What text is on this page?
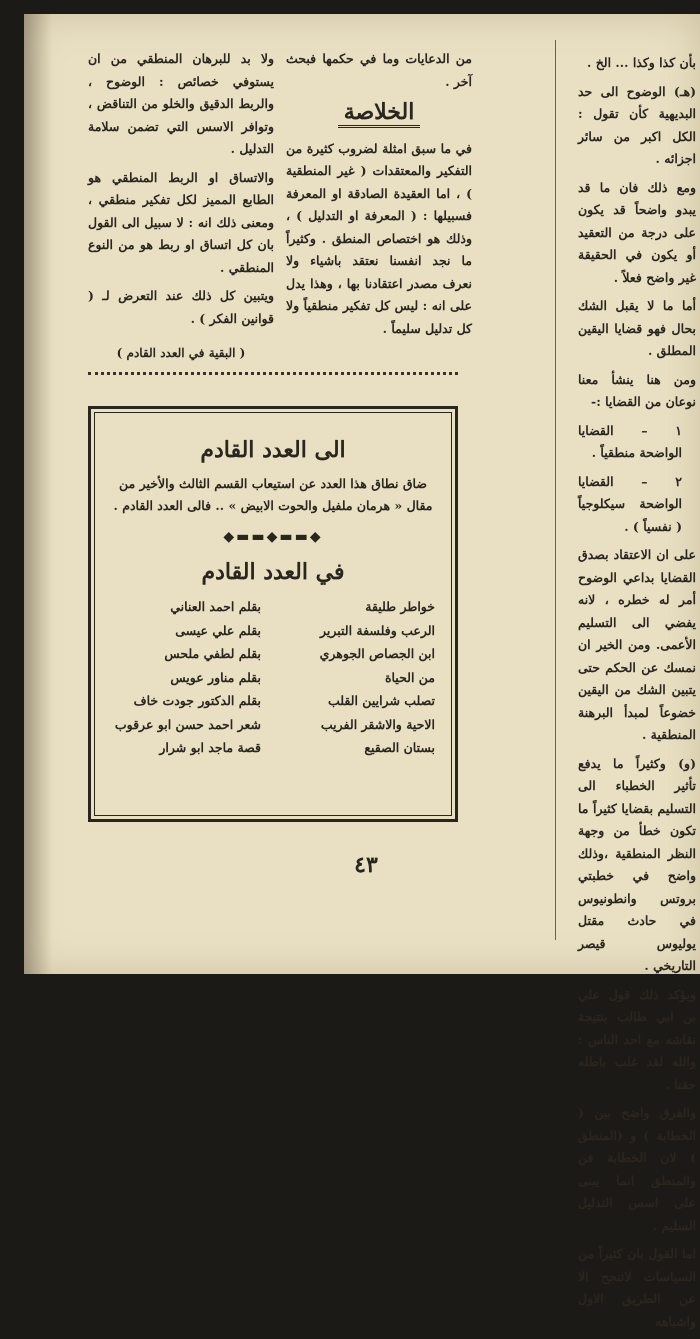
بأن كذا وكذا ... الخ .

(هـ) الوضوح الى حد البديهية كأن تقول : الكل اكبر من سائر اجزائه .

ومع ذلك فان ما قد يبدو واضحاً قد يكون على درجة من التعقيد أو يكون في الحقيقة غير واضح فعلاً .

أما ما لا يقبل الشك بحال فهو قضايا اليقين المطلق .

ومن هنا ينشأ معنا نوعان من القضايا :-

١ – القضايا الواضحة منطقياً .

٢ – القضايا الواضحة سيكلوجياً ( نفسياً ) .

على ان الاعتقاد بصدق القضايا بداعي الوضوح أمر له خطره ، لانه يفضي الى التسليم الأعمى. ومن الخير ان نمسك عن الحكم حتى يتبين الشك من اليقين خضوعاً لمبدأ البرهنة المنطقية .

(و) وكثيراً ما يدفع تأثير الخطباء الى التسليم بقضايا كثيراً ما تكون خطأ من وجهة النظر المنطقية ،وذلك واضح في خطبتي بروتس وانطونيوس في حادث مقتل يوليوس قيصر التاريخي .

ويؤكد ذلك قول علي بن ابي طالب بنتيجة نقاشه مع احد الناس : والله لقد غلب باطله حقنا .

والفرق واضح بين ( الخطابة ) و (المنطق ) لان الخطابة فن والمنطق انما يبنى على اسس التدليل السليم .

اما القول بان كثيراً من السياسات لاتنجح الا عن الطريق الاول واشباهه

من الدعايات وما في حكمها فبحث آخر .

الخلاصة

في ما سبق امثلة لضروب كثيرة من التفكير والمعتقدات ( غير المنطقية ) ، اما العقيدة الصادقة او المعرفة فسبيلها : ( المعرفة او التدليل ) ، وذلك هو اختصاص المنطق . وكثيراً ما نجد انفسنا نعتقد باشياء ولا نعرف مصدر اعتقادنا بها ، وهذا يدل على انه : ليس كل تفكير منطقياً ولا كل تدليل سليماً .

ولا بد للبرهان المنطقي من ان يستوفي خصائص : الوضوح ، والربط الدقيق والخلو من التناقض ، وتوافر الاسس التي تضمن سلامة التدليل .

والاتساق او الربط المنطقي هو الطابع المميز لكل تفكير منطقي ، ومعنى ذلك انه : لا سبيل الى القول بان كل اتساق او ربط هو من النوع المنطقي .

ويتبين كل ذلك عند التعرض لـ ( قوانين الفكر ) .

( البقية في العدد القادم )
الى العدد القادم
ضاق نطاق هذا العدد عن استيعاب القسم الثالث والأخير من مقال « هرمان ملفيل والحوت الابيض » .. فالى العدد القادم .
◆▬▬◆▬▬◆
في العدد القادم
خواطر طليقة
بقلم احمد العناني
الرعب وفلسفة التبرير
بقلم علي عيسى
ابن الجصاص الجوهري
بقلم لطفي ملحس
من الحياة
بقلم مناور عويس
تصلب شرايين القلب
بقلم الدكتور جودت خاف
الاحية والاشقر الفريب
شعر احمد حسن ابو عرقوب
بستان الصقيع
قصة ماجد ابو شرار
٤٣
